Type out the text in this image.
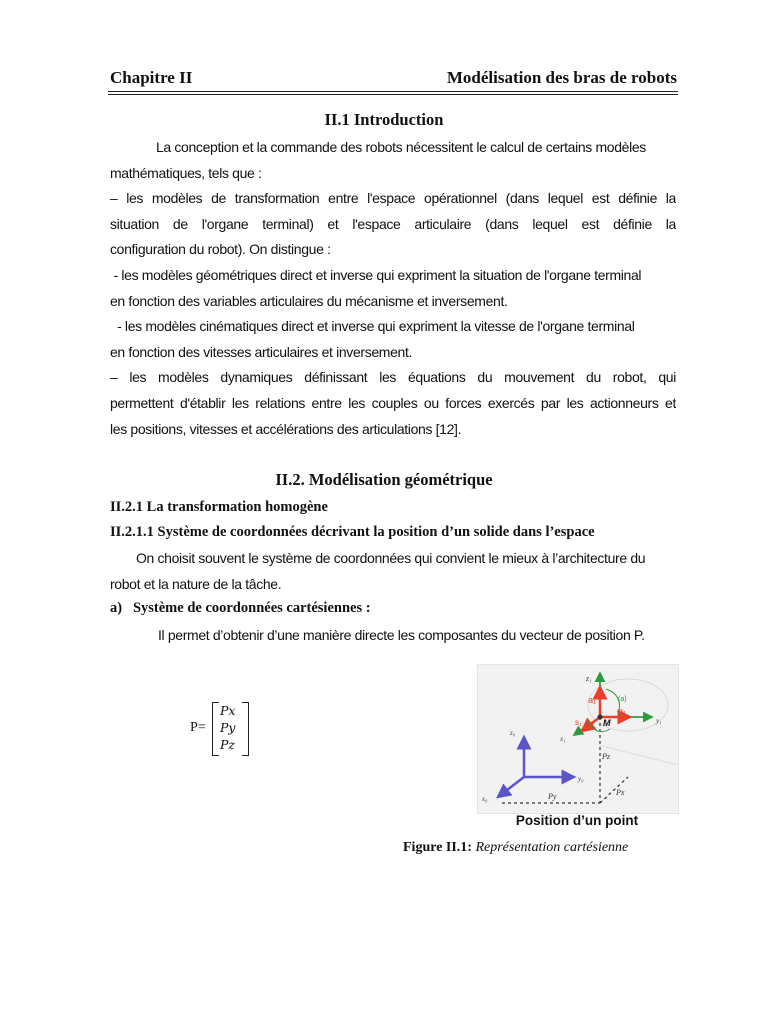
Chapitre II	Modélisation des bras de robots
II.1 Introduction
La conception et la commande des robots nécessitent le calcul de certains modèles
mathématiques, tels que :
– les modèles de transformation entre l'espace opérationnel (dans lequel est définie la
situation de l'organe terminal) et l'espace articulaire (dans lequel est définie la
configuration du robot). On distingue :
- les modèles géométriques direct et inverse qui expriment la situation de l'organe terminal
en fonction des variables articulaires du mécanisme et inversement.
- les modèles cinématiques direct et inverse qui expriment la vitesse de l'organe terminal
en fonction des vitesses articulaires et inversement.
– les modèles dynamiques définissant les équations du mouvement du robot, qui
permettent d'établir les relations entre les couples ou forces exercés par les actionneurs et
les positions, vitesses et accélérations des articulations [12].
II.2. Modélisation géométrique
II.2.1 La transformation homogène
II.2.1.1 Système de coordonnées décrivant la position d’un solide dans l’espace
On choisit souvent le système de coordonnées qui convient le mieux à l’architecture du
robot et la nature de la tâche.
a)   Système de coordonnées cartésiennes :
Il permet d’obtenir d’une manière directe les composantes du vecteur de position P.
P=
Px
Py
Pz
z₁
a₁	(a)
n₁
M	y₁
s₁
x₁
Pz
z₀
y₀
x₀	Py	Px
Position d’un point
Figure II.1: Représentation cartésienne
